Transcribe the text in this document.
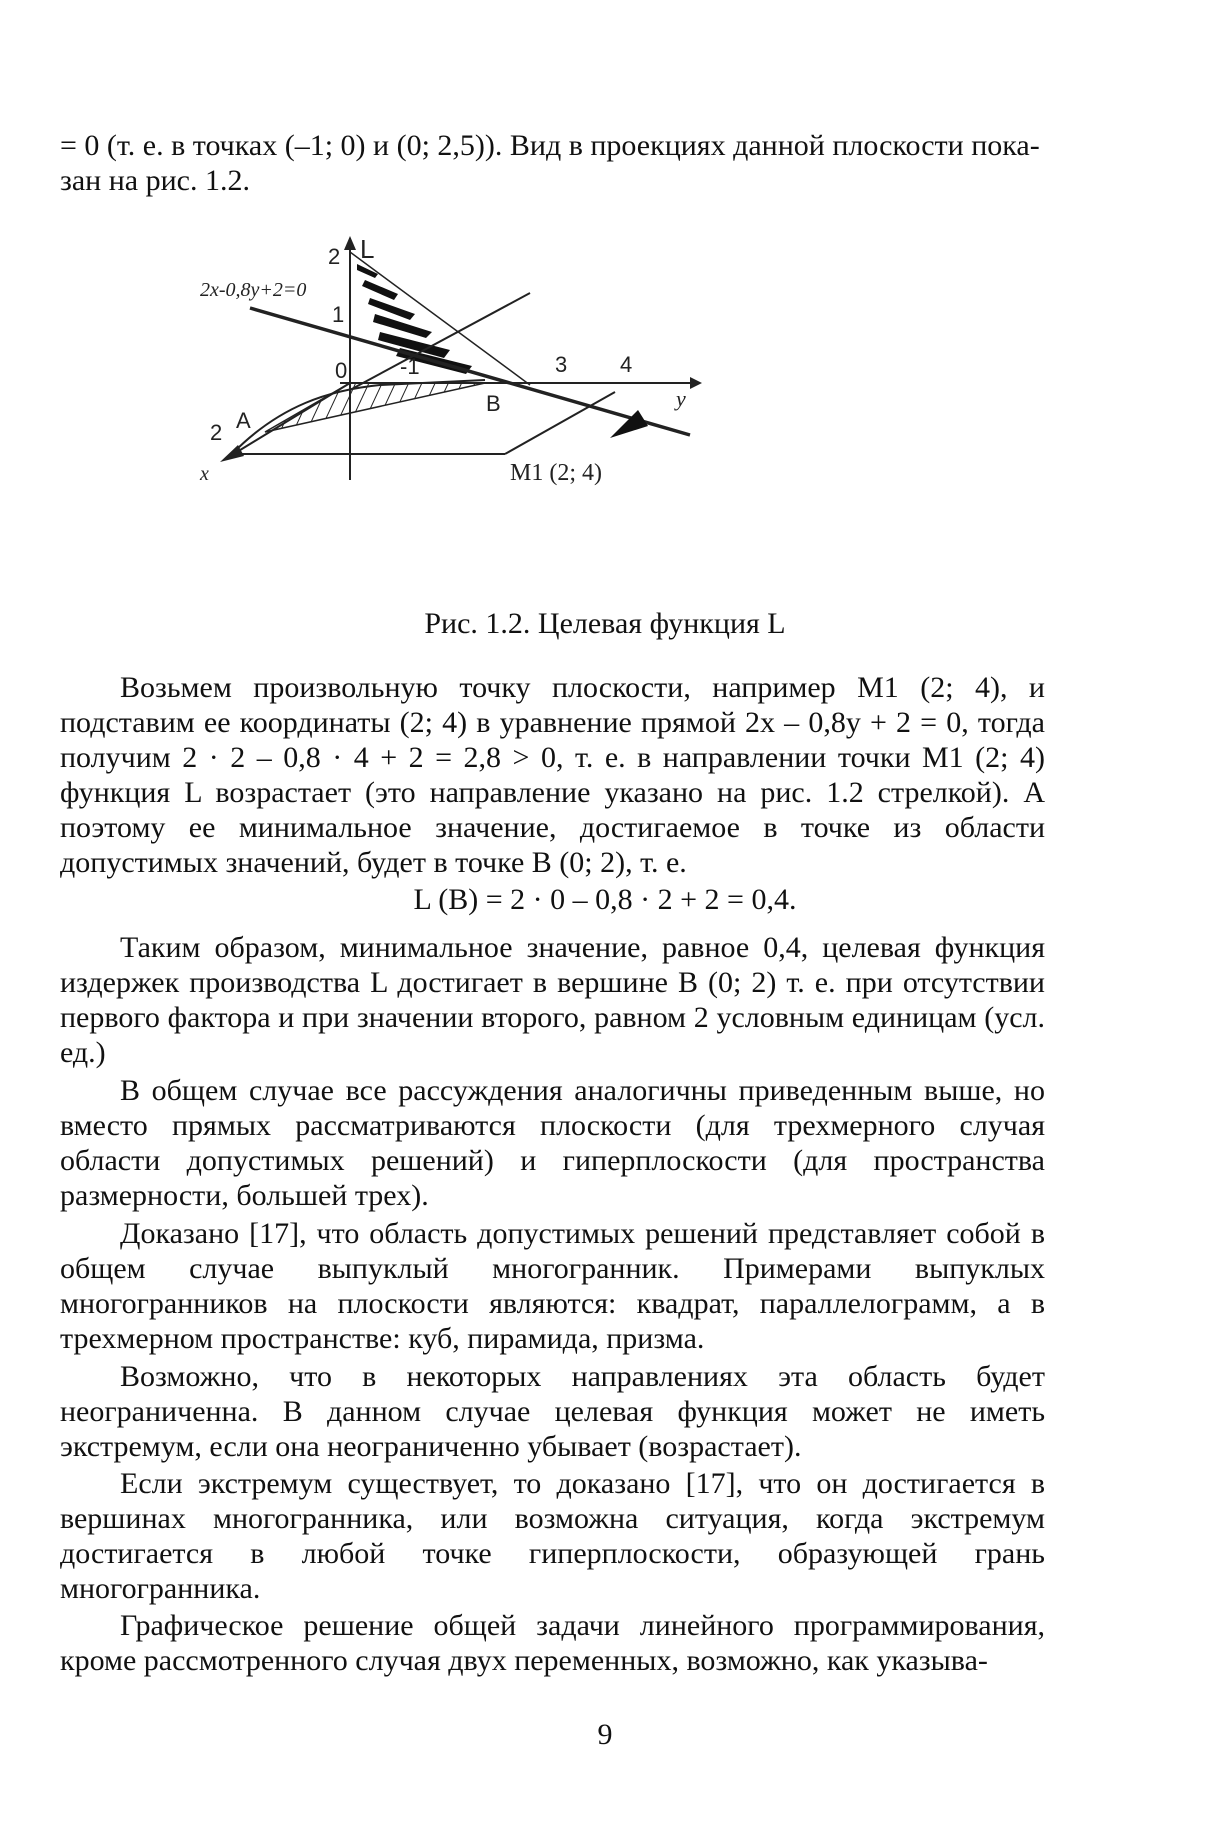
= 0 (т. е. в точках (–1; 0) и (0; 2,5)). Вид в проекциях данной плоскости пока-

зан на рис. 1.2.

L
2
1
2x-0,8y+2=0
0 -1	3 4
y
B
2 A
x	M1 (2; 4)

Рис. 1.2. Целевая функция L

Возьмем произвольную точку плоскости, например M1 (2; 4), и подставим ее координаты (2; 4) в уравнение прямой 2x – 0,8y + 2 = 0, тогда получим 2 · 2 – 0,8 · 4 + 2 = 2,8 > 0, т. е. в направлении точки M1 (2; 4) функция L возрастает (это направление указано на рис. 1.2 стрелкой). А поэтому ее минимальное значение, достигаемое в точке из области допустимых значений, будет в точке B (0; 2), т. е.

L (B) = 2 · 0 – 0,8 · 2 + 2 = 0,4.

Таким образом, минимальное значение, равное 0,4, целевая функция издержек производства L достигает в вершине B (0; 2) т. е. при отсутствии первого фактора и при значении второго, равном 2 условным единицам (усл. ед.)

В общем случае все рассуждения аналогичны приведенным выше, но вместо прямых рассматриваются плоскости (для трехмерного случая области допустимых решений) и гиперплоскости (для пространства размерности, большей трех).

Доказано [17], что область допустимых решений представляет собой в общем случае выпуклый многогранник. Примерами выпуклых многогранников на плоскости являются: квадрат, параллелограмм, а в трехмерном пространстве: куб, пирамида, призма.

Возможно, что в некоторых направлениях эта область будет неограниченна. В данном случае целевая функция может не иметь экстремум, если она неограниченно убывает (возрастает).

Если экстремум существует, то доказано [17], что он достигается в вершинах многогранника, или возможна ситуация, когда экстремум достигается в любой точке гиперплоскости, образующей грань многогранника.

Графическое решение общей задачи линейного программирования, кроме рассмотренного случая двух переменных, возможно, как указыва-

9
